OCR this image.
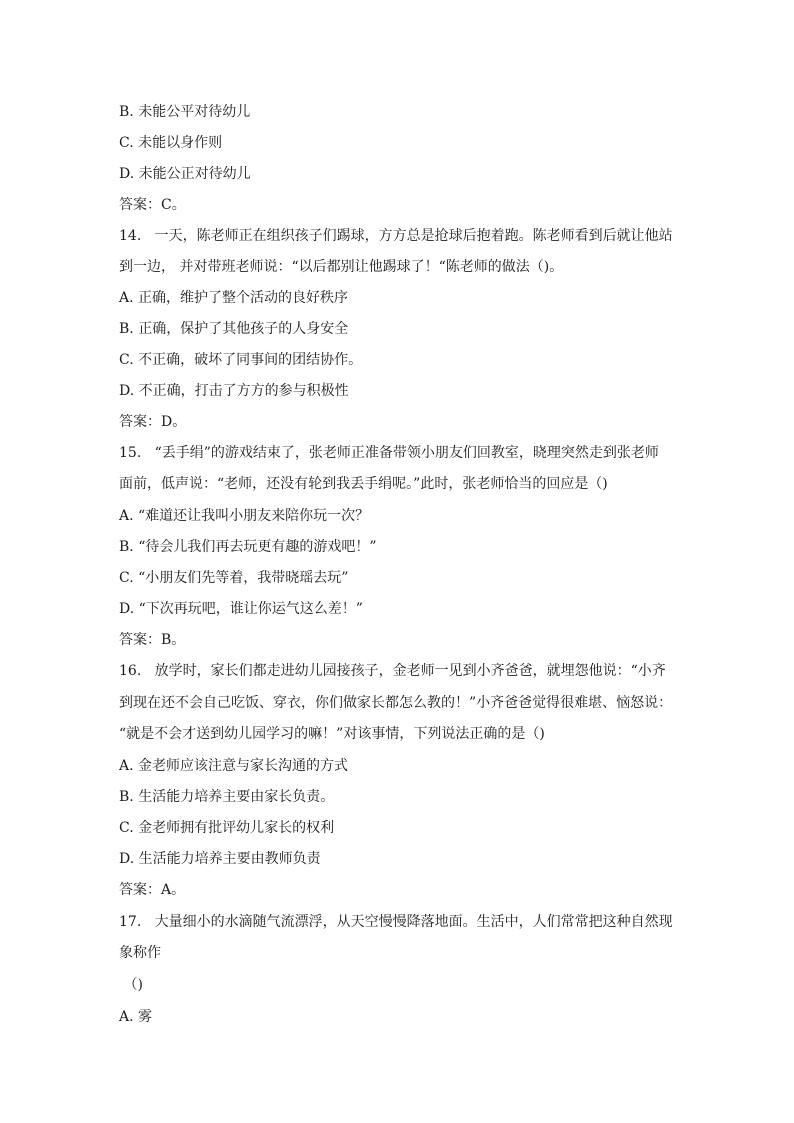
B. 未能公平对待幼儿
C. 未能以身作则
D. 未能公正对待幼儿
答案：C。
14.   一天，陈老师正在组织孩子们踢球，方方总是抢球后抱着跑。陈老师看到后就让他站
到一边， 并对带班老师说：“以后都别让他踢球了！“陈老师的做法（)。
A. 正确，维护了整个活动的良好秩序
B. 正确，保护了其他孩子的人身安全
C. 不正确，破坏了同事间的团结协作。
D. 不正确，打击了方方的参与积极性
答案：D。
15.   “丢手绢”的游戏结束了，张老师正准备带领小朋友们回教室，晓理突然走到张老师
面前，低声说：“老师，还没有轮到我丢手绢呢。”此时，张老师恰当的回应是（)
A. “难道还让我叫小朋友来陪你玩一次？
B. “待会儿我们再去玩更有趣的游戏吧！”
C. “小朋友们先等着，我带晓瑶去玩”
D. “下次再玩吧，谁让你运气这么差！”
答案：B。
16.   放学时，家长们都走进幼儿园接孩子，金老师一见到小齐爸爸，就埋怨他说：“小齐
到现在还不会自己吃饭、穿衣，你们做家长都怎么教的！”小齐爸爸觉得很难堪、恼怒说：
“就是不会才送到幼儿园学习的嘛！”对该事情，下列说法正确的是（)
A. 金老师应该注意与家长沟通的方式
B. 生活能力培养主要由家长负责。
C. 金老师拥有批评幼儿家长的权利
D. 生活能力培养主要由教师负责
答案：A。
17.   大量细小的水滴随气流漂浮，从天空慢慢降落地面。生活中，人们常常把这种自然现
象称作
（)
A. 雾
